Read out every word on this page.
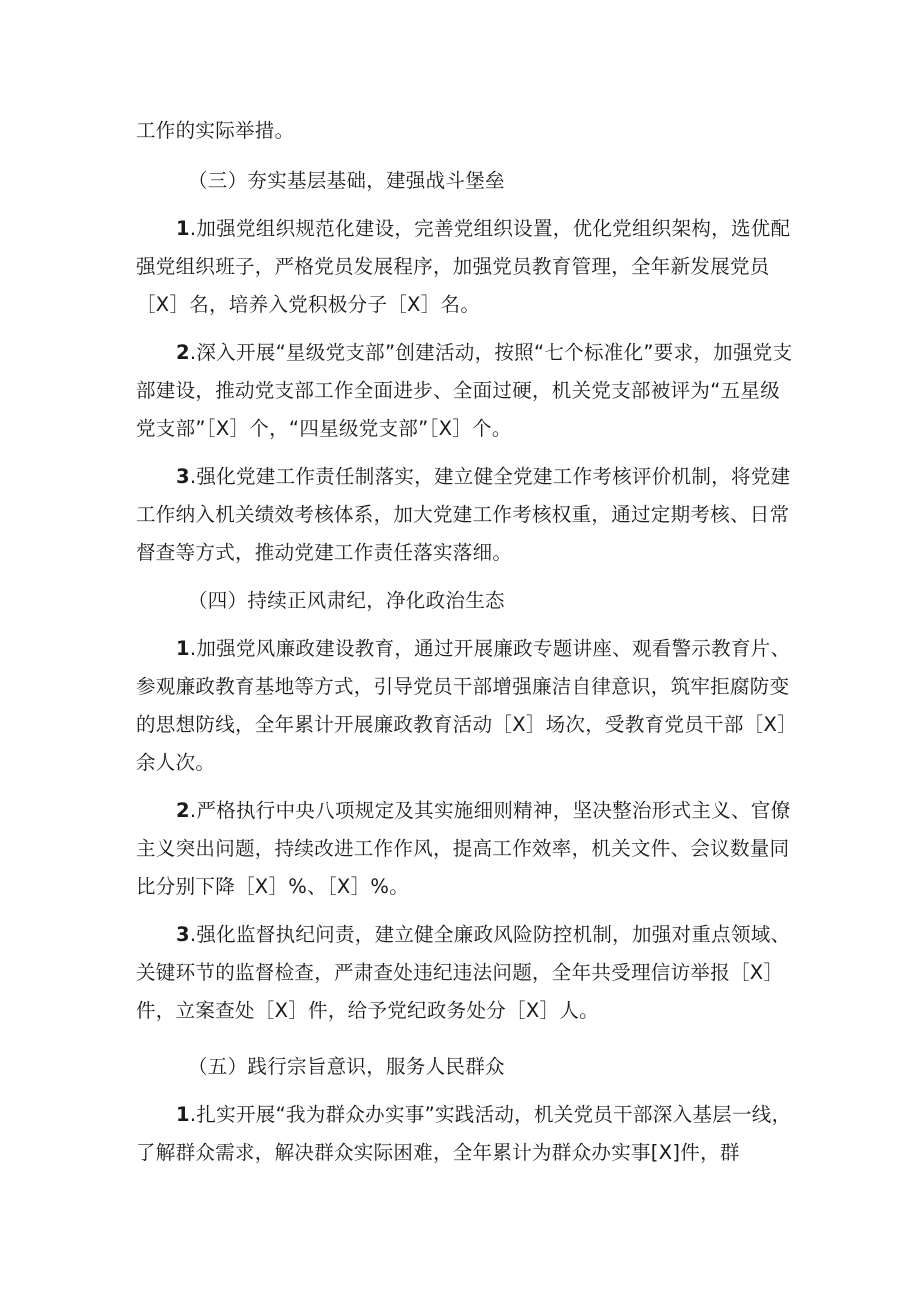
工作的实际举措。
（三）夯实基层基础，建强战斗堡垒
1.加强党组织规范化建设，完善党组织设置，优化党组织架构，选优配强党组织班子，严格党员发展程序，加强党员教育管理，全年新发展党员［X］名，培养入党积极分子［X］名。
2.深入开展“星级党支部”创建活动，按照“七个标准化”要求，加强党支部建设，推动党支部工作全面进步、全面过硬，机关党支部被评为“五星级党支部”［X］个，“四星级党支部”［X］个。
3.强化党建工作责任制落实，建立健全党建工作考核评价机制，将党建工作纳入机关绩效考核体系，加大党建工作考核权重，通过定期考核、日常督查等方式，推动党建工作责任落实落细。
（四）持续正风肃纪，净化政治生态
1.加强党风廉政建设教育，通过开展廉政专题讲座、观看警示教育片、参观廉政教育基地等方式，引导党员干部增强廉洁自律意识，筑牢拒腐防变的思想防线，全年累计开展廉政教育活动［X］场次，受教育党员干部［X］余人次。
2.严格执行中央八项规定及其实施细则精神，坚决整治形式主义、官僚主义突出问题，持续改进工作作风，提高工作效率，机关文件、会议数量同比分别下降［X］%、［X］%。
3.强化监督执纪问责，建立健全廉政风险防控机制，加强对重点领域、关键环节的监督检查，严肃查处违纪违法问题，全年共受理信访举报［X］件，立案查处［X］件，给予党纪政务处分［X］人。
（五）践行宗旨意识，服务人民群众
1.扎实开展“我为群众办实事”实践活动，机关党员干部深入基层一线，了解群众需求，解决群众实际困难，全年累计为群众办实事[X]件，群
